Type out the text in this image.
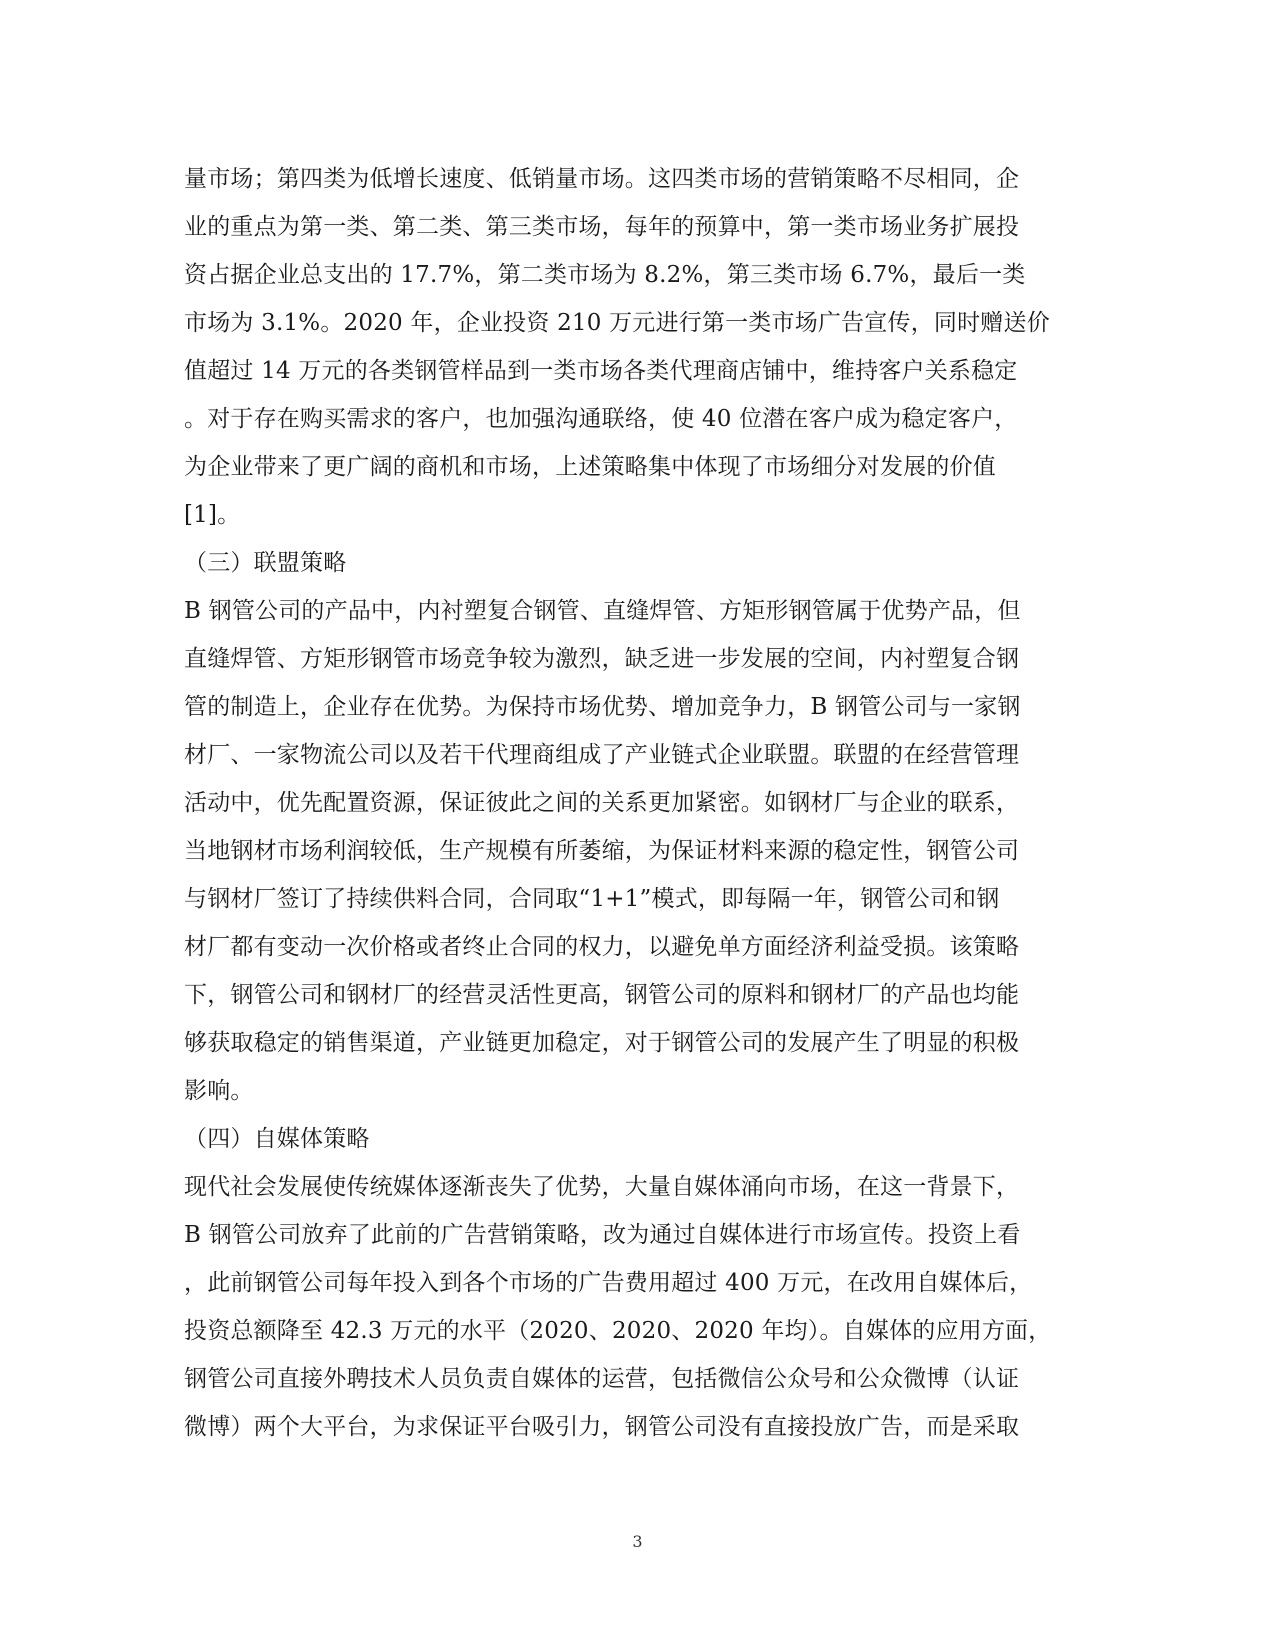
量市场；第四类为低增长速度、低销量市场。这四类市场的营销策略不尽相同，企
业的重点为第一类、第二类、第三类市场，每年的预算中，第一类市场业务扩展投
资占据企业总支出的 17.7%，第二类市场为 8.2%，第三类市场 6.7%，最后一类
市场为 3.1%。2020 年，企业投资 210 万元进行第一类市场广告宣传，同时赠送价
值超过 14 万元的各类钢管样品到一类市场各类代理商店铺中，维持客户关系稳定
。对于存在购买需求的客户，也加强沟通联络，使 40 位潜在客户成为稳定客户，
为企业带来了更广阔的商机和市场，上述策略集中体现了市场细分对发展的价值
[1]。
（三）联盟策略
B 钢管公司的产品中，内衬塑复合钢管、直缝焊管、方矩形钢管属于优势产品，但
直缝焊管、方矩形钢管市场竞争较为激烈，缺乏进一步发展的空间，内衬塑复合钢
管的制造上，企业存在优势。为保持市场优势、增加竞争力，B 钢管公司与一家钢
材厂、一家物流公司以及若干代理商组成了产业链式企业联盟。联盟的在经营管理
活动中，优先配置资源，保证彼此之间的关系更加紧密。如钢材厂与企业的联系，
当地钢材市场利润较低，生产规模有所萎缩，为保证材料来源的稳定性，钢管公司
与钢材厂签订了持续供料合同，合同取“1+1”模式，即每隔一年，钢管公司和钢
材厂都有变动一次价格或者终止合同的权力，以避免单方面经济利益受损。该策略
下，钢管公司和钢材厂的经营灵活性更高，钢管公司的原料和钢材厂的产品也均能
够获取稳定的销售渠道，产业链更加稳定，对于钢管公司的发展产生了明显的积极
影响。
（四）自媒体策略
现代社会发展使传统媒体逐渐丧失了优势，大量自媒体涌向市场，在这一背景下，
B 钢管公司放弃了此前的广告营销策略，改为通过自媒体进行市场宣传。投资上看
，此前钢管公司每年投入到各个市场的广告费用超过 400 万元，在改用自媒体后，
投资总额降至 42.3 万元的水平（2020、2020、2020 年均）。自媒体的应用方面，
钢管公司直接外聘技术人员负责自媒体的运营，包括微信公众号和公众微博（认证
微博）两个大平台，为求保证平台吸引力，钢管公司没有直接投放广告，而是采取
3
